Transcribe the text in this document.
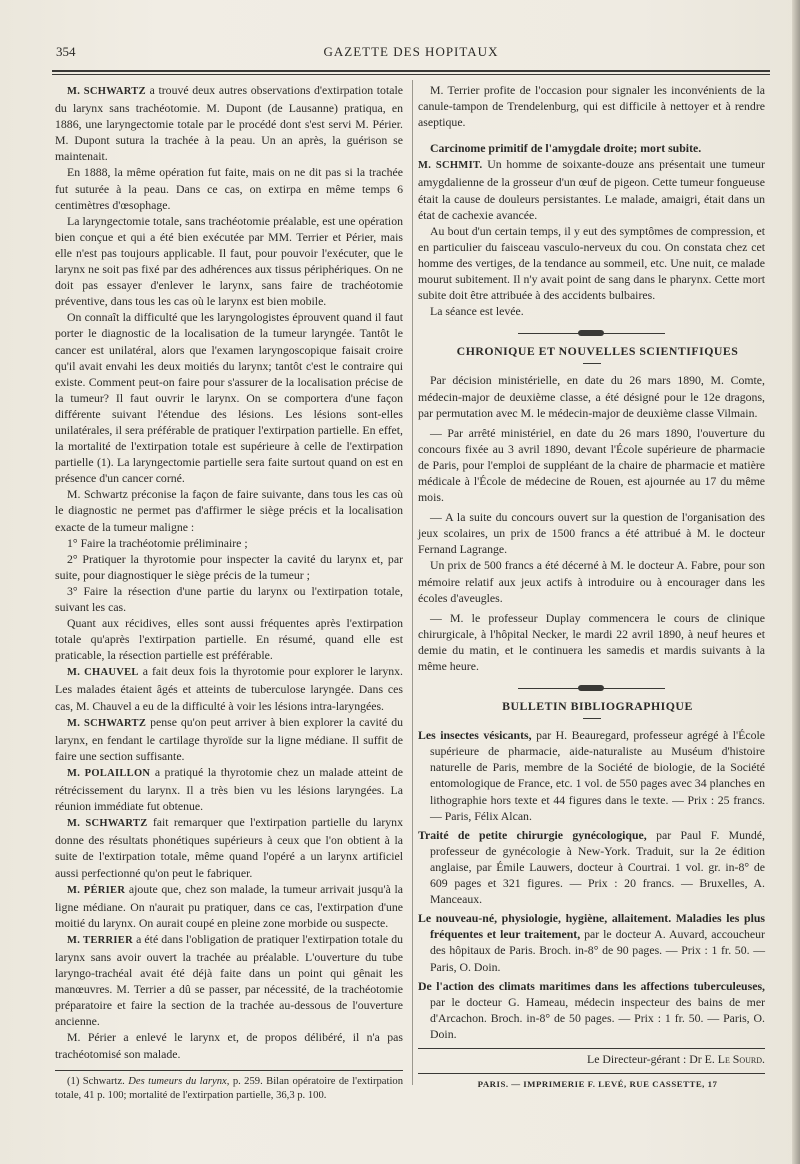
354	GAZETTE DES HOPITAUX

M. SCHWARTZ a trouvé deux autres observations d'extirpation totale du larynx sans trachéotomie. M. Dupont (de Lausanne) pratiqua, en 1886, une laryngectomie totale par le procédé dont s'est servi M. Périer. M. Dupont sutura la trachée à la peau. Un an après, la guérison se maintenait.

En 1888, la même opération fut faite, mais on ne dit pas si la trachée fut suturée à la peau. Dans ce cas, on extirpa en même temps 6 centimètres d'œsophage.

La laryngectomie totale, sans trachéotomie préalable, est une opération bien conçue et qui a été bien exécutée par MM. Terrier et Périer, mais elle n'est pas toujours applicable. Il faut, pour pouvoir l'exécuter, que le larynx ne soit pas fixé par des adhérences aux tissus périphériques. On ne doit pas essayer d'enlever le larynx, sans faire de trachéotomie préventive, dans tous les cas où le larynx est bien mobile.

On connaît la difficulté que les laryngologistes éprouvent quand il faut porter le diagnostic de la localisation de la tumeur laryngée. Tantôt le cancer est unilatéral, alors que l'examen laryngoscopique faisait croire qu'il avait envahi les deux moitiés du larynx; tantôt c'est le contraire qui existe. Comment peut-on faire pour s'assurer de la localisation précise de la tumeur? Il faut ouvrir le larynx. On se comportera d'une façon différente suivant l'étendue des lésions. Les lésions sont-elles unilatérales, il sera préférable de pratiquer l'extirpation partielle. En effet, la mortalité de l'extirpation totale est supérieure à celle de l'extirpation partielle (1). La laryngectomie partielle sera faite surtout quand on est en présence d'un cancer corné.

M. Schwartz préconise la façon de faire suivante, dans tous les cas où le diagnostic ne permet pas d'affirmer le siège précis et la localisation exacte de la tumeur maligne :

1° Faire la trachéotomie préliminaire ;

2° Pratiquer la thyrotomie pour inspecter la cavité du larynx et, par suite, pour diagnostiquer le siège précis de la tumeur ;

3° Faire la résection d'une partie du larynx ou l'extirpation totale, suivant les cas.

Quant aux récidives, elles sont aussi fréquentes après l'extirpation totale qu'après l'extirpation partielle. En résumé, quand elle est praticable, la résection partielle est préférable.

M. CHAUVEL a fait deux fois la thyrotomie pour explorer le larynx. Les malades étaient âgés et atteints de tuberculose laryngée. Dans ces cas, M. Chauvel a eu de la difficulté à voir les lésions intra-laryngées.

M. SCHWARTZ pense qu'on peut arriver à bien explorer la cavité du larynx, en fendant le cartilage thyroïde sur la ligne médiane. Il suffit de faire une section suffisante.

M. POLAILLON a pratiqué la thyrotomie chez un malade atteint de rétrécissement du larynx. Il a très bien vu les lésions laryngées. La réunion immédiate fut obtenue.

M. SCHWARTZ fait remarquer que l'extirpation partielle du larynx donne des résultats phonétiques supérieurs à ceux que l'on obtient à la suite de l'extirpation totale, même quand l'opéré a un larynx artificiel aussi perfectionné qu'on peut le fabriquer.

M. PÉRIER ajoute que, chez son malade, la tumeur arrivait jusqu'à la ligne médiane. On n'aurait pu pratiquer, dans ce cas, l'extirpation d'une moitié du larynx. On aurait coupé en pleine zone morbide ou suspecte.

M. TERRIER a été dans l'obligation de pratiquer l'extirpation totale du larynx sans avoir ouvert la trachée au préalable. L'ouverture du tube laryngo-trachéal avait été déjà faite dans un point qui gênait les manœuvres. M. Terrier a dû se passer, par nécessité, de la trachéotomie préparatoire et faire la section de la trachée au-dessous de l'ouverture ancienne.

M. Périer a enlevé le larynx et, de propos délibéré, il n'a pas trachéotomisé son malade.

(1) Schwartz. Des tumeurs du larynx, p. 259. Bilan opératoire de l'extirpation totale, 41 p. 100; mortalité de l'extirpation partielle, 36,3 p. 100.

M. Terrier profite de l'occasion pour signaler les inconvénients de la canule-tampon de Trendelenburg, qui est difficile à nettoyer et à rendre aseptique.

Carcinome primitif de l'amygdale droite; mort subite.

M. SCHMIT. Un homme de soixante-douze ans présentait une tumeur amygdalienne de la grosseur d'un œuf de pigeon. Cette tumeur fongueuse était la cause de douleurs persistantes. Le malade, amaigri, était dans un état de cachexie avancée.

Au bout d'un certain temps, il y eut des symptômes de compression, et en particulier du faisceau vasculo-nerveux du cou. On constata chez cet homme des vertiges, de la tendance au sommeil, etc. Une nuit, ce malade mourut subitement. Il n'y avait point de sang dans le pharynx. Cette mort subite doit être attribuée à des accidents bulbaires.

La séance est levée.

CHRONIQUE ET NOUVELLES SCIENTIFIQUES

Par décision ministérielle, en date du 26 mars 1890, M. Comte, médecin-major de deuxième classe, a été désigné pour le 12e dragons, par permutation avec M. le médecin-major de deuxième classe Vilmain.

— Par arrêté ministériel, en date du 26 mars 1890, l'ouverture du concours fixée au 3 avril 1890, devant l'École supérieure de pharmacie de Paris, pour l'emploi de suppléant de la chaire de pharmacie et matière médicale à l'École de médecine de Rouen, est ajournée au 17 du même mois.

— A la suite du concours ouvert sur la question de l'organisation des jeux scolaires, un prix de 1500 francs a été attribué à M. le docteur Fernand Lagrange.

Un prix de 500 francs a été décerné à M. le docteur A. Fabre, pour son mémoire relatif aux jeux actifs à introduire ou à encourager dans les écoles d'aveugles.

— M. le professeur Duplay commencera le cours de clinique chirurgicale, à l'hôpital Necker, le mardi 22 avril 1890, à neuf heures et demie du matin, et le continuera les samedis et mardis suivants à la même heure.

BULLETIN BIBLIOGRAPHIQUE

Les insectes vésicants, par H. Beauregard, professeur agrégé à l'École supérieure de pharmacie, aide-naturaliste au Muséum d'histoire naturelle de Paris, membre de la Société de biologie, de la Société entomologique de France, etc. 1 vol. de 550 pages avec 34 planches en lithographie hors texte et 44 figures dans le texte. — Prix : 25 francs. — Paris, Félix Alcan.

Traité de petite chirurgie gynécologique, par Paul F. Mundé, professeur de gynécologie à New-York. Traduit, sur la 2e édition anglaise, par Émile Lauwers, docteur à Courtrai. 1 vol. gr. in-8° de 609 pages et 321 figures. — Prix : 20 francs. — Bruxelles, A. Manceaux.

Le nouveau-né, physiologie, hygiène, allaitement. Maladies les plus fréquentes et leur traitement, par le docteur A. Auvard, accoucheur des hôpitaux de Paris. Broch. in-8° de 90 pages. — Prix : 1 fr. 50. — Paris, O. Doin.

De l'action des climats maritimes dans les affections tuberculeuses, par le docteur G. Hameau, médecin inspecteur des bains de mer d'Arcachon. Broch. in-8° de 50 pages. — Prix : 1 fr. 50. — Paris, O. Doin.

Le Directeur-gérant : Dr E. Le Sourd.

PARIS. — IMPRIMERIE F. LEVÉ, RUE CASSETTE, 17
